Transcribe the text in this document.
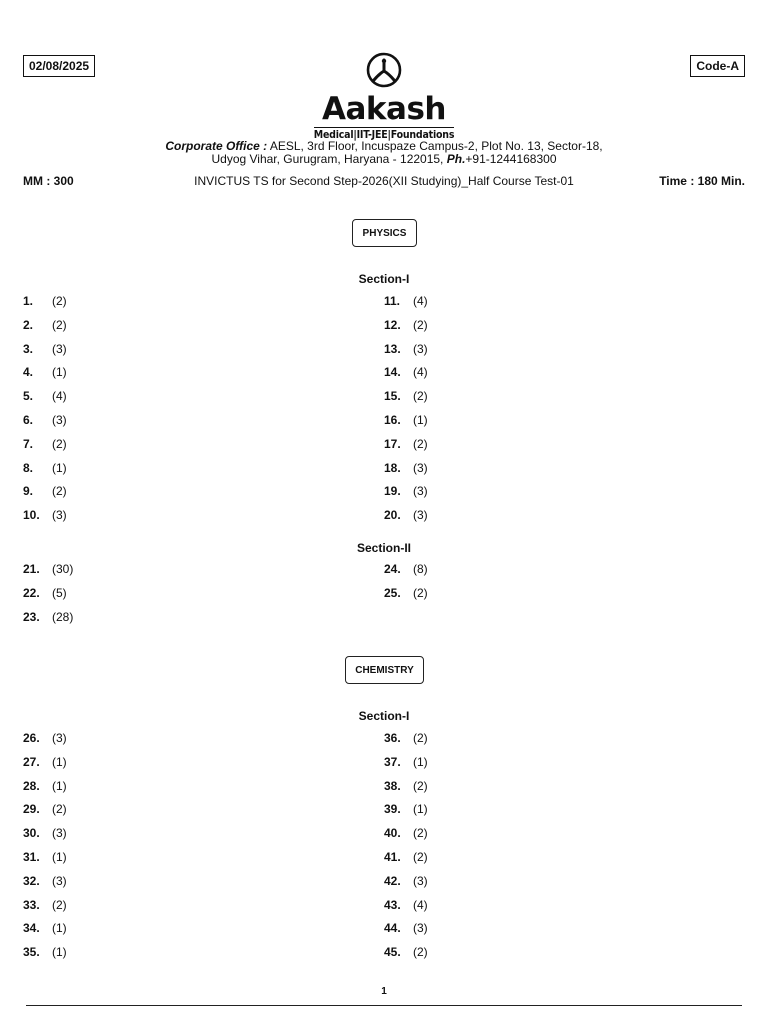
02/08/2025	Code-A
Aakash
Medical|IIT-JEE|Foundations
Corporate Office : AESL, 3rd Floor, Incuspaze Campus-2, Plot No. 13, Sector-18,
Udyog Vihar, Gurugram, Haryana - 122015, Ph.+91-1244168300
MM : 300	INVICTUS TS for Second Step-2026(XII Studying)_Half Course Test-01	Time : 180 Min.
PHYSICS
Section-I
1. (2)
2. (2)
3. (3)
4. (1)
5. (4)
6. (3)
7. (2)
8. (1)
9. (2)
10. (3)
11. (4)
12. (2)
13. (3)
14. (4)
15. (2)
16. (1)
17. (2)
18. (3)
19. (3)
20. (3)
Section-II
21. (30)
22. (5)
23. (28)
24. (8)
25. (2)
CHEMISTRY
Section-I
26. (3)
27. (1)
28. (1)
29. (2)
30. (3)
31. (1)
32. (3)
33. (2)
34. (1)
35. (1)
36. (2)
37. (1)
38. (2)
39. (1)
40. (2)
41. (2)
42. (3)
43. (4)
44. (3)
45. (2)
1
